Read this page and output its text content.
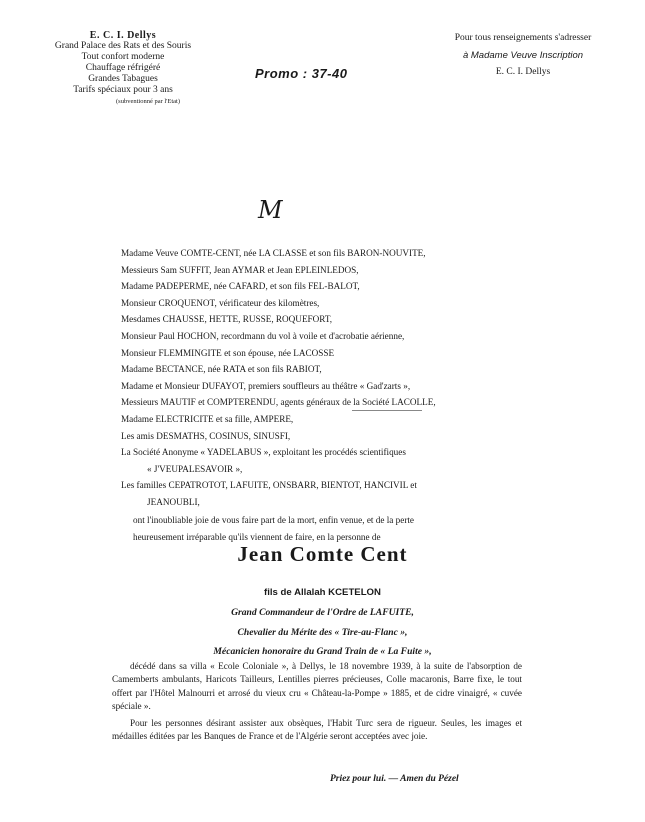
E. C. I. Dellys
Grand Palace des Rats et des Souris
Tout confort moderne
Chauffage réfrigéré
Grandes Tabagues
Tarifs spéciaux pour 3 ans
(subventionné par l'Etat)
Pour tous renseignements s'adresser
à Madame Veuve Inscription
E. C. I. Dellys
Promo : 37-40
M
Madame Veuve COMTE-CENT, née LA CLASSE et son fils BARON-NOUVITE,
Messieurs Sam SUFFIT, Jean AYMAR et Jean EPLEINLEDOS,
Madame PADEPERME, née CAFARD, et son fils FEL-BALOT,
Monsieur CROQUENOT, vérificateur des kilomètres,
Mesdames CHAUSSE, HETTE, RUSSE, ROQUEFORT,
Monsieur Paul HOCHON, recordmann du vol à voile et d'acrobatie aérienne,
Monsieur FLEMMINGITE et son épouse, née LACOSSE
Madame BECTANCE, née RATA et son fils RABIOT,
Madame et Monsieur DUFAYOT, premiers souffleurs au théâtre « Gad'zarts »,
Messieurs MAUTIF et COMPTERENDU, agents généraux de la Société LACOLLE,
Madame ELECTRICITE et sa fille, AMPERE,
Les amis DESMATHS, COSINUS, SINUSFI,
La Société Anonyme « YADELABUS », exploitant les procédés scientifiques
« J'VEUPALESAVOIR »,
Les familles CEPATROTOT, LAFUITE, ONSBARR, BIENTOT, HANCIVIL et
JEANOUBLI,
ont l'inoubliable joie de vous faire part de la mort, enfin venue, et de la perte
heureusement irréparable qu'ils viennent de faire, en la personne de
Jean Comte Cent
fils de Allalah KCETELON
Grand Commandeur de l'Ordre de LAFUITE,
Chevalier du Mérite des « Tire-au-Flanc »,
Mécanicien honoraire du Grand Train de « La Fuite »,

décédé dans sa villa « Ecole Coloniale », à Dellys, le 18 novembre 1939, à la suite de l'absorption de Camemberts ambulants, Haricots Tailleurs, Lentilles pierres précieuses, Colle macaronis, Barre fixe, le tout offert par l'Hôtel Malnourri et arrosé du vieux cru « Château-la-Pompe » 1885, et de cidre vinaigré, « cuvée spéciale ».

Pour les personnes désirant assister aux obsèques, l'Habit Turc sera de rigueur. Seules, les images et médailles éditées par les Banques de France et de l'Algérie seront acceptées avec joie.

Priez pour lui. — Amen du Pézel
